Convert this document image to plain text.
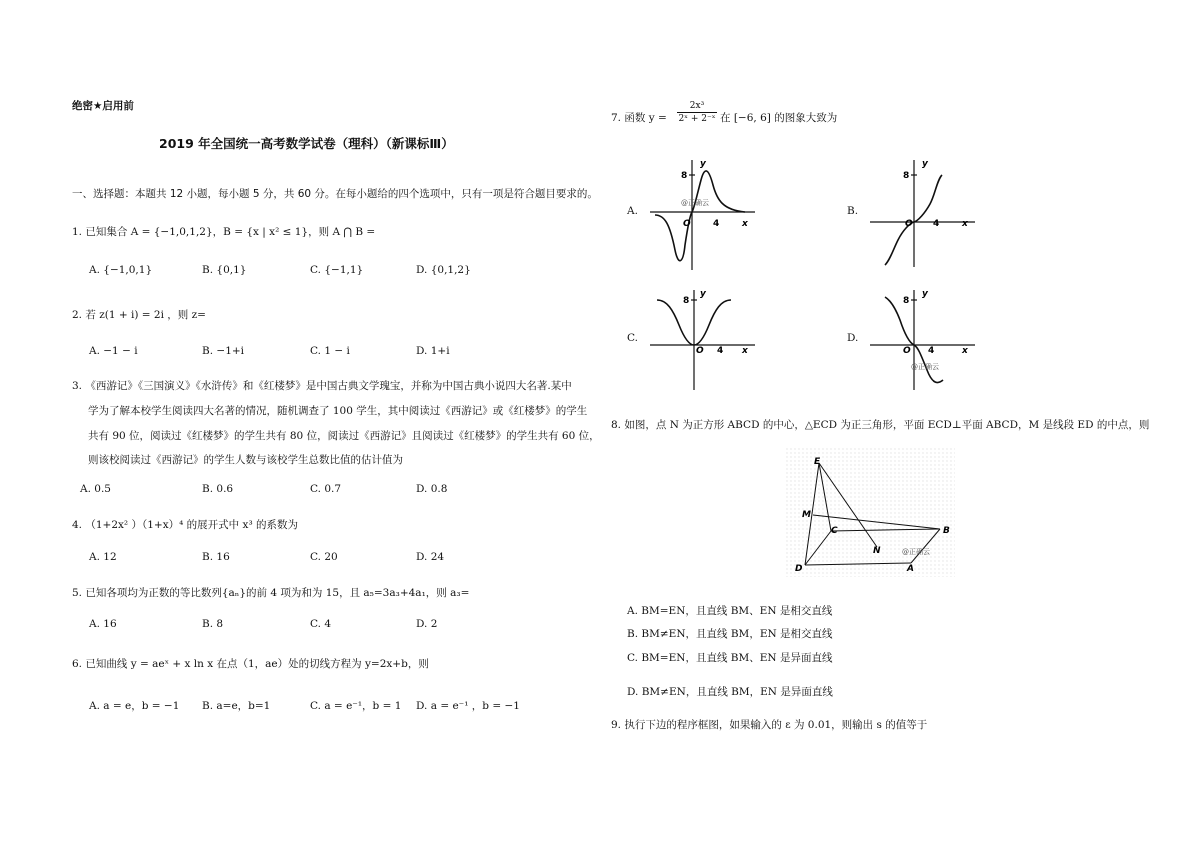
绝密★启用前
2019 年全国统一高考数学试卷（理科）（新课标Ⅲ）
一、选择题：本题共 12 小题，每小题 5 分，共 60 分。在每小题给的四个选项中，只有一项是符合题目要求的。
1. 已知集合 A = {−1,0,1,2}，B = {x | x² ≤ 1}，则 A ⋂ B =
A. {−1,0,1}	B. {0,1}	C. {−1,1}	D. {0,1,2}
2. 若 z(1 + i) = 2i ，则 z=
A. −1 − i	B. −1+i	C. 1 − i	D. 1+i
3. 《西游记》《三国演义》《水浒传》和《红楼梦》是中国古典文学瑰宝，并称为中国古典小说四大名著.某中
学为了解本校学生阅读四大名著的情况，随机调查了 100 学生，其中阅读过《西游记》或《红楼梦》的学生
共有 90 位，阅读过《红楼梦》的学生共有 80 位，阅读过《西游记》且阅读过《红楼梦》的学生共有 60 位，
则该校阅读过《西游记》的学生人数与该校学生总数比值的估计值为
A. 0.5	B. 0.6	C. 0.7	D. 0.8
4. （1+2x² ）（1+x）⁴ 的展开式中 x³ 的系数为
A. 12	B. 16	C. 20	D. 24
5. 已知各项均为正数的等比数列{aₙ}的前 4 项为和为 15，且 a₅=3a₃+4a₁，则 a₃=
A. 16	B. 8	C. 4	D. 2
6. 已知曲线 y = aeˣ + x ln x 在点（1，ae）处的切线方程为 y=2x+b，则
A. a = e，b = −1 B. a=e，b=1	C. a = e⁻¹，b = 1 D. a = e⁻¹ ，b = −1
7. 函数 $y = \frac{\text{2x³}}{\text{2ˣ + 2⁻ˣ}}$ 在 [−6, 6] 的图象大致为
A.
y
8
O 4	x
@正确云
B.
y
8
O 4	x
C.
y
8
O 4 x
D.
y
8
O 4	x
@正确云
8. 如图，点 N 为正方形 ABCD 的中心，△ECD 为正三角形，平面 ECD⊥平面 ABCD，M 是线段 ED 的中点，则
E
M
C
N
B
D	A
@正确云
A. BM=EN，且直线 BM、EN 是相交直线
B. BM≠EN，且直线 BM，EN 是相交直线
C. BM=EN，且直线 BM、EN 是异面直线
D. BM≠EN，且直线 BM，EN 是异面直线
9. 执行下边的程序框图，如果输入的 ε 为 0.01，则输出 s 的值等于
